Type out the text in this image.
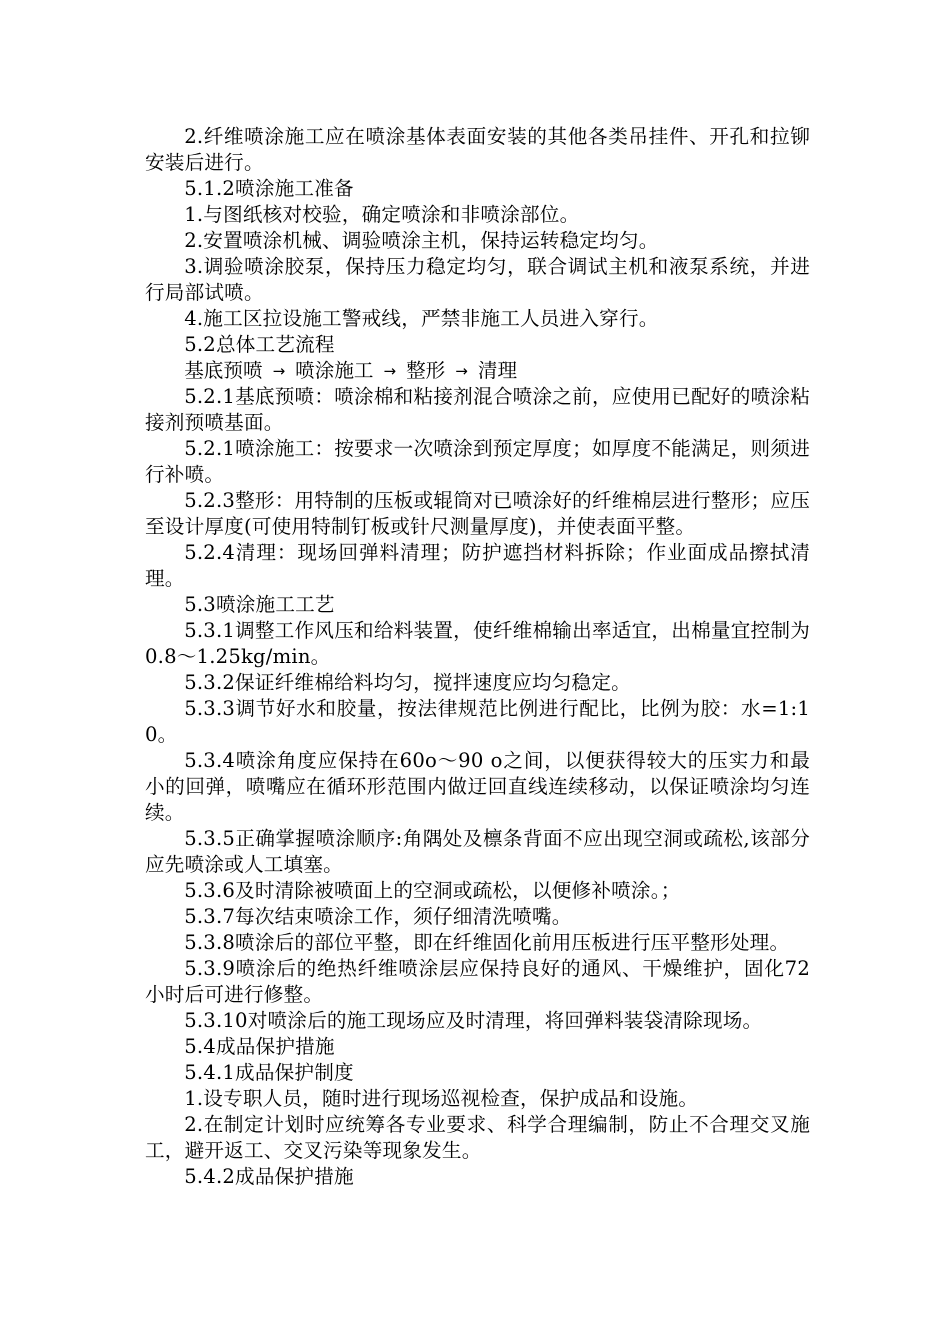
2.纤维喷涂施工应在喷涂基体表面安装的其他各类吊挂件、开孔和拉铆安装后进行。

5.1.2喷涂施工准备

1.与图纸核对校验，确定喷涂和非喷涂部位。

2.安置喷涂机械、调验喷涂主机，保持运转稳定均匀。

3.调验喷涂胶泵，保持压力稳定均匀，联合调试主机和液泵系统，并进行局部试喷。

4.施工区拉设施工警戒线，严禁非施工人员进入穿行。

5.2总体工艺流程

基底预喷 → 喷涂施工 → 整形 → 清理

5.2.1基底预喷：喷涂棉和粘接剂混合喷涂之前，应使用已配好的喷涂粘接剂预喷基面。

5.2.1喷涂施工：按要求一次喷涂到预定厚度；如厚度不能满足，则须进行补喷。

5.2.3整形：用特制的压板或辊筒对已喷涂好的纤维棉层进行整形；应压至设计厚度(可使用特制钉板或针尺测量厚度)，并使表面平整。

5.2.4清理：现场回弹料清理；防护遮挡材料拆除；作业面成品擦拭清理。

5.3喷涂施工工艺

5.3.1调整工作风压和给料装置，使纤维棉输出率适宜，出棉量宜控制为0.8～1.25kg/min。

5.3.2保证纤维棉给料均匀，搅拌速度应均匀稳定。

5.3.3调节好水和胶量，按法律规范比例进行配比，比例为胶：水=1:10。

5.3.4喷涂角度应保持在60o～90 o之间，以便获得较大的压实力和最小的回弹，喷嘴应在循环形范围内做迂回直线连续移动，以保证喷涂均匀连续。

5.3.5正确掌握喷涂顺序:角隅处及檩条背面不应出现空洞或疏松,该部分应先喷涂或人工填塞。

5.3.6及时清除被喷面上的空洞或疏松，以便修补喷涂。；

5.3.7每次结束喷涂工作，须仔细清洗喷嘴。

5.3.8喷涂后的部位平整，即在纤维固化前用压板进行压平整形处理。

5.3.9喷涂后的绝热纤维喷涂层应保持良好的通风、干燥维护，固化72小时后可进行修整。

5.3.10对喷涂后的施工现场应及时清理，将回弹料装袋清除现场。

5.4成品保护措施

5.4.1成品保护制度

1.设专职人员，随时进行现场巡视检查，保护成品和设施。

2.在制定计划时应统筹各专业要求、科学合理编制，防止不合理交叉施工，避开返工、交叉污染等现象发生。

5.4.2成品保护措施
